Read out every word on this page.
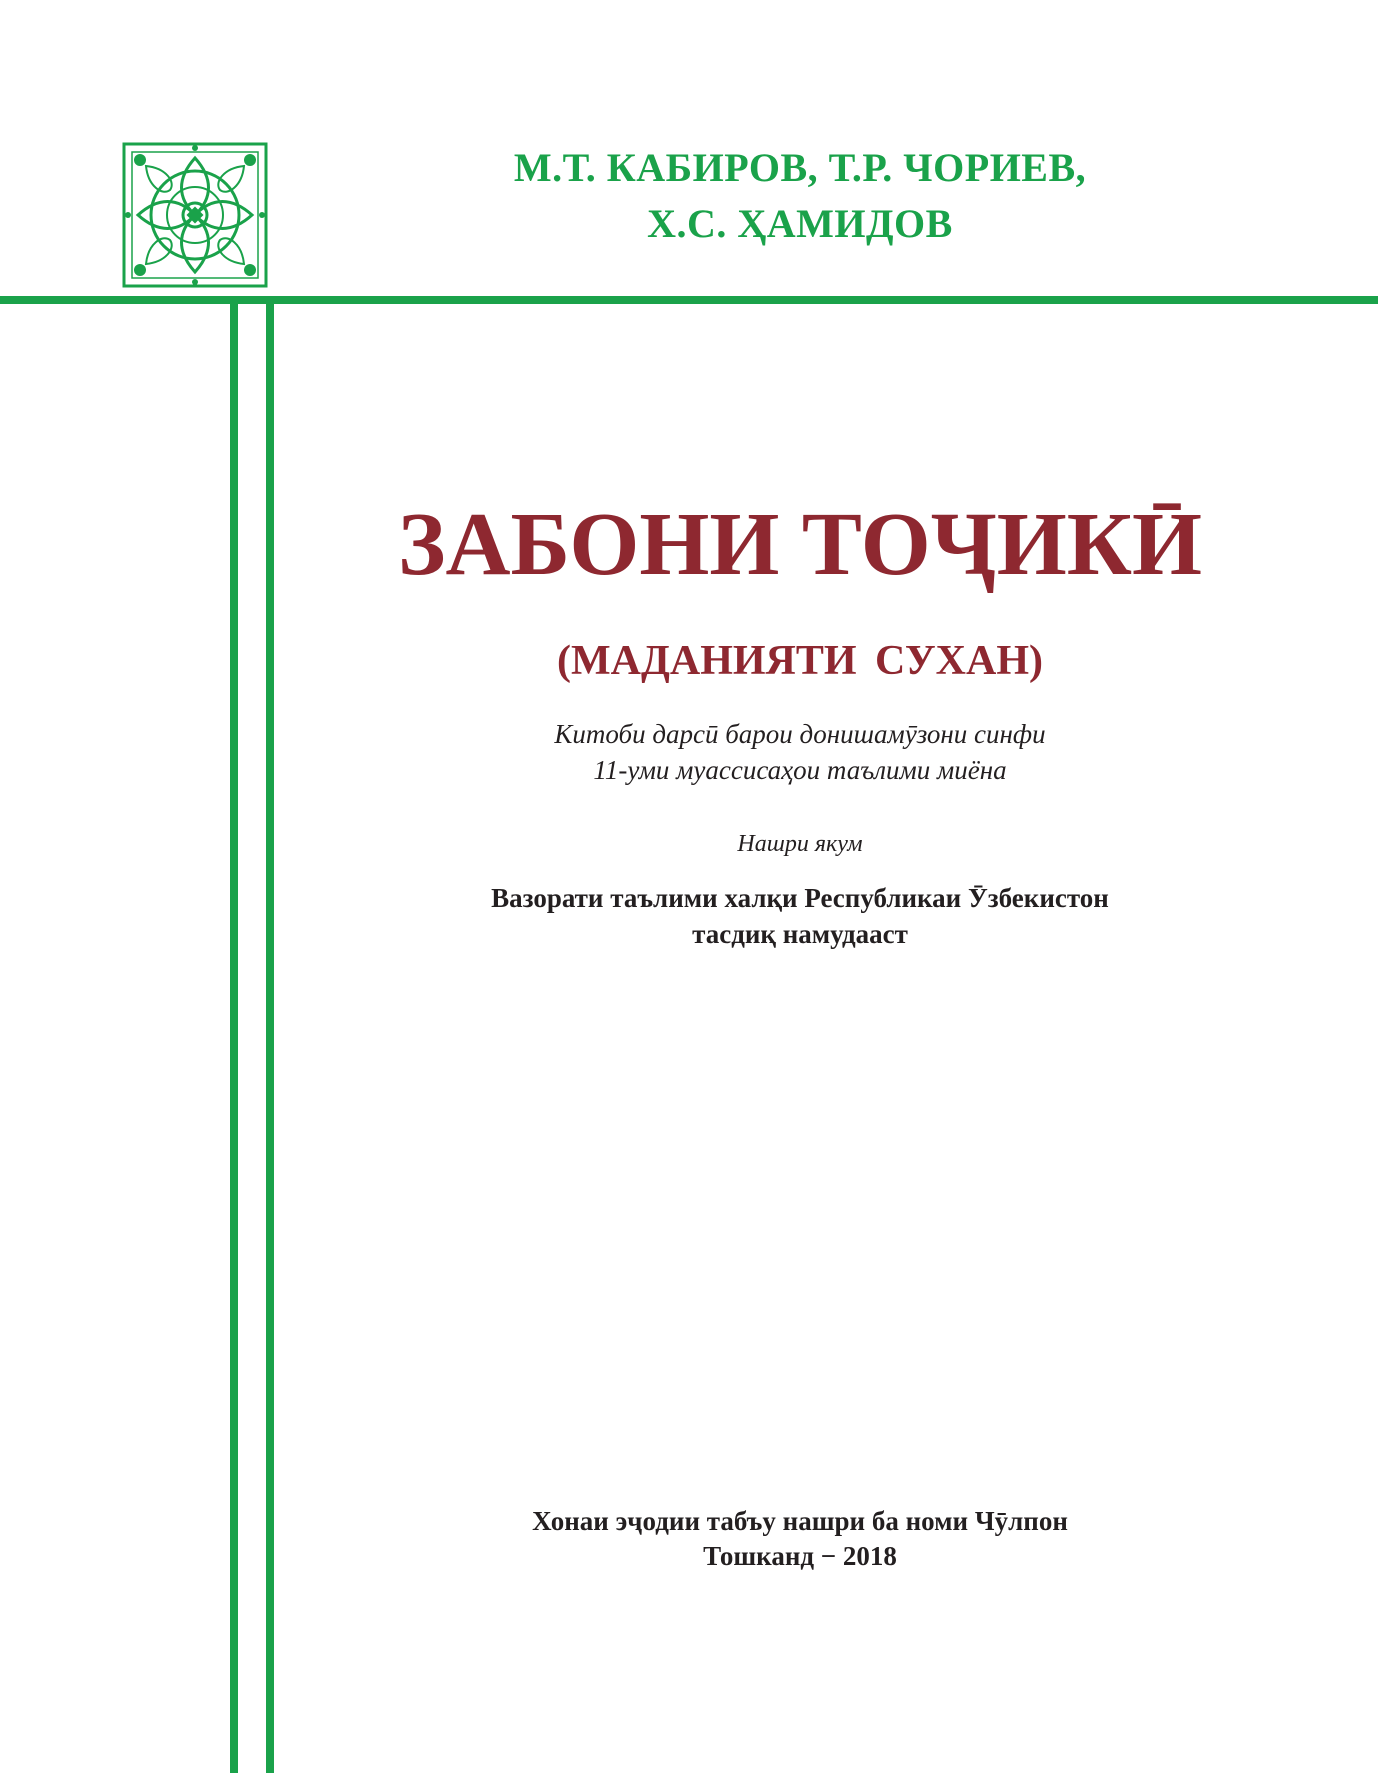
М.Т. КАБИРОВ, Т.Р. ЧОРИЕВ,
Х.С. ҲАМИДОВ
ЗАБОНИ ТОҶИКӢ
(МАДАНИЯТИ СУХАН)
Китоби дарсӣ барои донишамӯзони синфи
11-уми муассисаҳои таълими миёна
Нашри якум
Вазорати таълими халқи Республикаи Ӯзбекистон
тасдиқ намудааст
Хонаи эҷодии табъу нашри ба номи Чӯлпон
Тошканд − 2018
